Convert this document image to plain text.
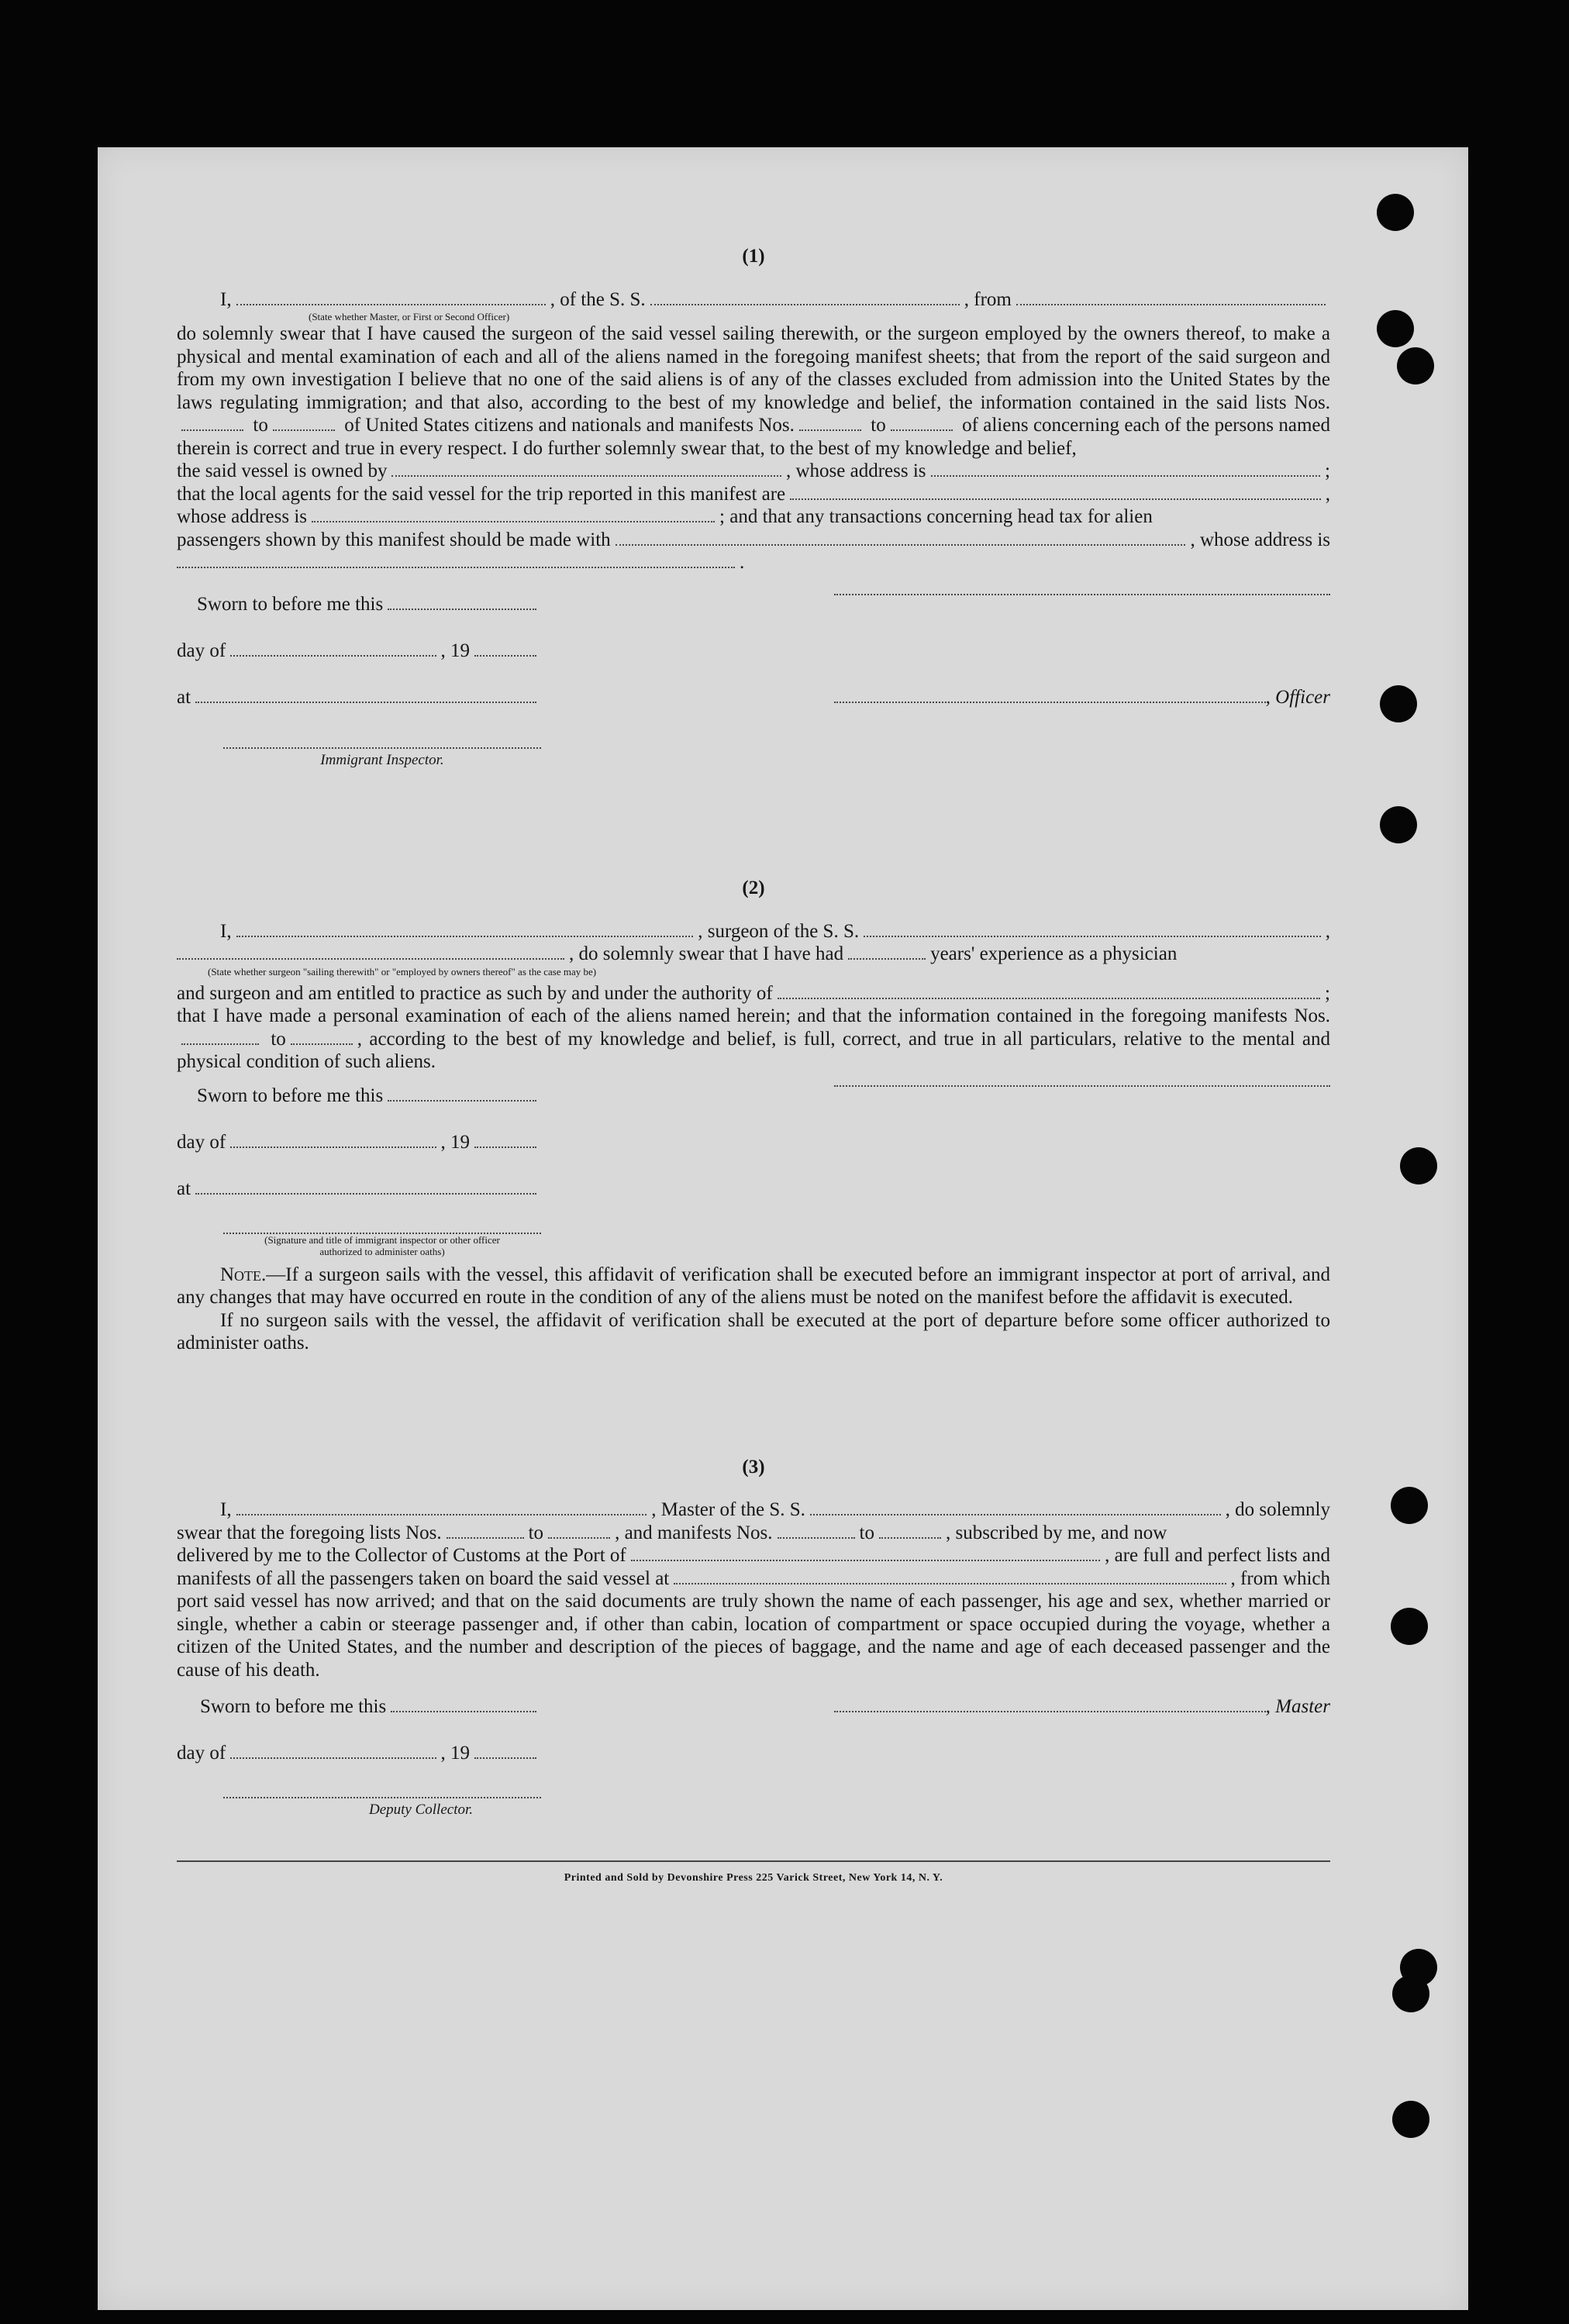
(1)

I,	, of the S. S.	, from
(State whether Master, or First or Second Officer)

do solemnly swear that I have caused the surgeon of the said vessel sailing therewith, or the surgeon employed by the owners thereof, to make a physical and mental examination of each and all of the aliens named in the foregoing manifest sheets; that from the report of the said surgeon and from my own investigation I believe that no one of the said aliens is of any of the classes excluded from admission into the United States by the laws regulating immigration; and that also, according to the best of my knowledge and belief, the information contained in the said lists Nos. to	of United States citizens and nationals and manifests Nos.	to	of aliens concerning each of the persons named therein is correct and true in every respect. I do further solemnly swear that, to the best of my knowledge and belief,

the said vessel is owned by	, whose address is	;
that the local agents for the said vessel for the trip reported in this manifest are	,
whose address is	; and that any transactions concerning head tax for alien
passengers shown by this manifest should be made with	, whose address is
.
Sworn to before me this
day of	, 19
at
Immigrant Inspector.
, Officer

(2)

I,	, surgeon of the S. S.	,
, do solemnly swear that I have had	years' experience as a physician
(State whether surgeon "sailing therewith" or "employed by owners thereof" as the case may be)
and surgeon and am entitled to practice as such by and under the authority of	;

that I have made a personal examination of each of the aliens named herein; and that the information contained in the foregoing manifests Nos. to	, according to the best of my knowledge and belief, is full, correct, and true in all particulars, relative to the mental and physical condition of such aliens.

Sworn to before me this
day of	, 19
at
(Signature and title of immigrant inspector or other officer authorized to administer oaths)

Note.—If a surgeon sails with the vessel, this affidavit of verification shall be executed before an immigrant inspector at port of arrival, and any changes that may have occurred en route in the condition of any of the aliens must be noted on the manifest before the affidavit is executed.

If no surgeon sails with the vessel, the affidavit of verification shall be executed at the port of departure before some officer authorized to administer oaths.

(3)

I,	, Master of the S. S.	, do solemnly
swear that the foregoing lists Nos.	to	, and manifests Nos.	to	, subscribed by me, and now
delivered by me to the Collector of Customs at the Port of	, are full and perfect lists and
manifests of all the passengers taken on board the said vessel at	, from which

port said vessel has now arrived; and that on the said documents are truly shown the name of each passenger, his age and sex, whether married or single, whether a cabin or steerage passenger and, if other than cabin, location of compartment or space occupied during the voyage, whether a citizen of the United States, and the number and description of the pieces of baggage, and the name and age of each deceased passenger and the cause of his death.

Sworn to before me this
day of	, 19
Deputy Collector.
, Master
Printed and Sold by Devonshire Press 225 Varick Street, New York 14, N. Y.
